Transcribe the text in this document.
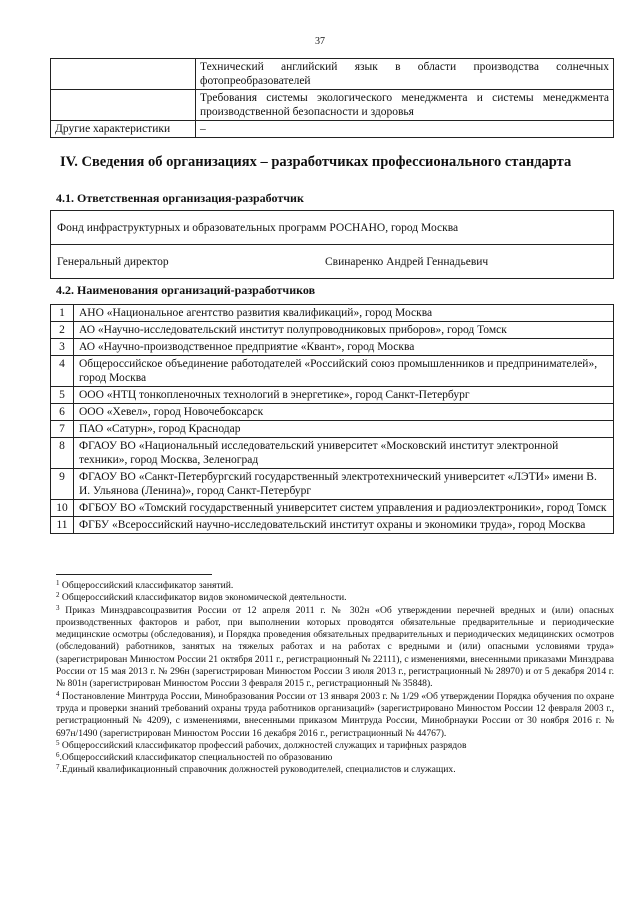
37
	Технический английский язык в области производства солнечных фотопреобразователей
	Требования системы экологического менеджмента и системы менеджмента производственной безопасности и здоровья
Другие характеристики	–
IV. Сведения об организациях – разработчиках профессионального стандарта
4.1. Ответственная организация-разработчик
Фонд инфраструктурных и образовательных программ РОСНАНО, город Москва
Генеральный директор	Свинаренко Андрей Геннадьевич
4.2. Наименования организаций-разработчиков
1	АНО «Национальное агентство развития квалификаций», город Москва
2	АО «Научно-исследовательский институт полупроводниковых приборов», город Томск
3	АО «Научно-производственное предприятие «Квант», город Москва
4	Общероссийское объединение работодателей «Российский союз промышленников и предпринимателей», город Москва
5	ООО «НТЦ тонкопленочных технологий в энергетике», город Санкт-Петербург
6	ООО «Хевел», город Новочебоксарск
7	ПАО «Сатурн», город Краснодар
8	ФГАОУ ВО «Национальный исследовательский университет «Московский институт электронной техники», город Москва, Зеленоград
9	ФГАОУ ВО «Санкт-Петербургский государственный электротехнический университет «ЛЭТИ» имени В. И. Ульянова (Ленина)», город Санкт-Петербург
10	ФГБОУ ВО «Томский государственный университет систем управления и радиоэлектроники», город Томск
11	ФГБУ «Всероссийский научно-исследовательский институт охраны и экономики труда», город Москва

$^1$ Общероссийский классификатор занятий.

$^2$ Общероссийский классификатор видов экономической деятельности.

$^3$ Приказ Минздравсоцразвития России от 12 апреля 2011 г. № 302н «Об утверждении перечней вредных и (или) опасных производственных факторов и работ, при выполнении которых проводятся обязательные предварительные и периодические медицинские осмотры (обследования), и Порядка проведения обязательных предварительных и периодических медицинских осмотров (обследований) работников, занятых на тяжелых работах и на работах с вредными и (или) опасными условиями труда» (зарегистрирован Минюстом России 21 октября 2011 г., регистрационный № 22111), с изменениями, внесенными приказами Минздрава России от 15 мая 2013 г. № 296н (зарегистрирован Минюстом России 3 июля 2013 г., регистрационный № 28970) и от 5 декабря 2014 г. № 801н (зарегистрирован Минюстом России 3 февраля 2015 г., регистрационный № 35848).

$^4$ Постановление Минтруда России, Минобразования России от 13 января 2003 г. № 1/29 «Об утверждении Порядка обучения по охране труда и проверки знаний требований охраны труда работников организаций» (зарегистрировано Минюстом России 12 февраля 2003 г., регистрационный № 4209), с изменениями, внесенными приказом Минтруда России, Минобрнауки России от 30 ноября 2016 г. № 697н/1490 (зарегистрирован Минюстом России 16 декабря 2016 г., регистрационный № 44767).

$^5$ Общероссийский классификатор профессий рабочих, должностей служащих и тарифных разрядов

$^6$.Общероссийский классификатор специальностей по образованию

$^7$.Единый квалификационный справочник должностей руководителей, специалистов и служащих.
